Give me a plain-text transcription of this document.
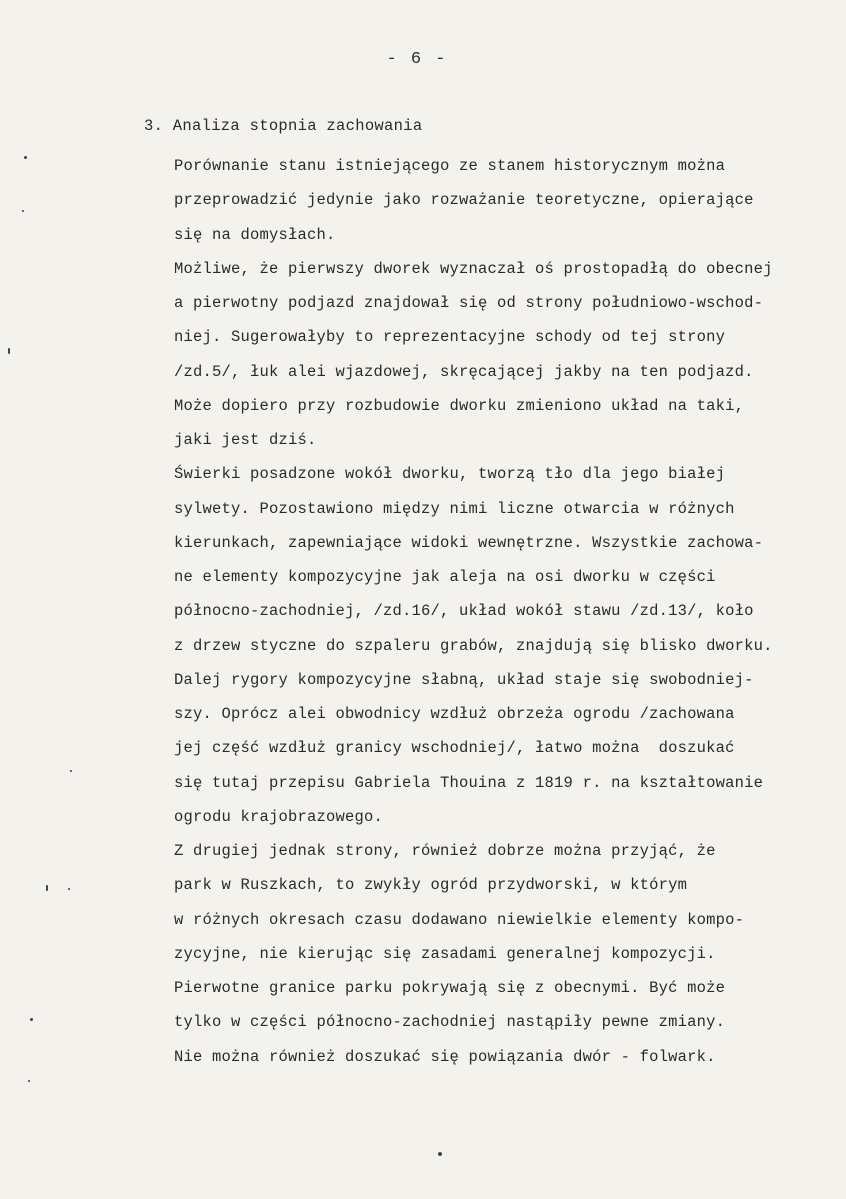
- 6 -
3. Analiza stopnia zachowania
Porównanie stanu istniejącego ze stanem historycznym można
przeprowadzić jedynie jako rozważanie teoretyczne, opierające
się na domysłach.
Możliwe, że pierwszy dworek wyznaczał oś prostopadłą do obecnej
a pierwotny podjazd znajdował się od strony południowo-wschod-
niej. Sugerowałyby to reprezentacyjne schody od tej strony
/zd.5/, łuk alei wjazdowej, skręcającej jakby na ten podjazd.
Może dopiero przy rozbudowie dworku zmieniono układ na taki,
jaki jest dziś.
Świerki posadzone wokół dworku, tworzą tło dla jego białej
sylwety. Pozostawiono między nimi liczne otwarcia w różnych
kierunkach, zapewniające widoki wewnętrzne. Wszystkie zachowa-
ne elementy kompozycyjne jak aleja na osi dworku w części
północno-zachodniej, /zd.16/, układ wokół stawu /zd.13/, koło
z drzew styczne do szpaleru grabów, znajdują się blisko dworku.
Dalej rygory kompozycyjne słabną, układ staje się swobodniej-
szy. Oprócz alei obwodnicy wzdłuż obrzeża ogrodu /zachowana
jej część wzdłuż granicy wschodniej/, łatwo można  doszukać
się tutaj przepisu Gabriela Thouina z 1819 r. na kształtowanie
ogrodu krajobrazowego.
Z drugiej jednak strony, również dobrze można przyjąć, że
park w Ruszkach, to zwykły ogród przydworski, w którym
w różnych okresach czasu dodawano niewielkie elementy kompo-
zycyjne, nie kierując się zasadami generalnej kompozycji.
Pierwotne granice parku pokrywają się z obecnymi. Być może
tylko w części północno-zachodniej nastąpiły pewne zmiany.
Nie można również doszukać się powiązania dwór - folwark.
